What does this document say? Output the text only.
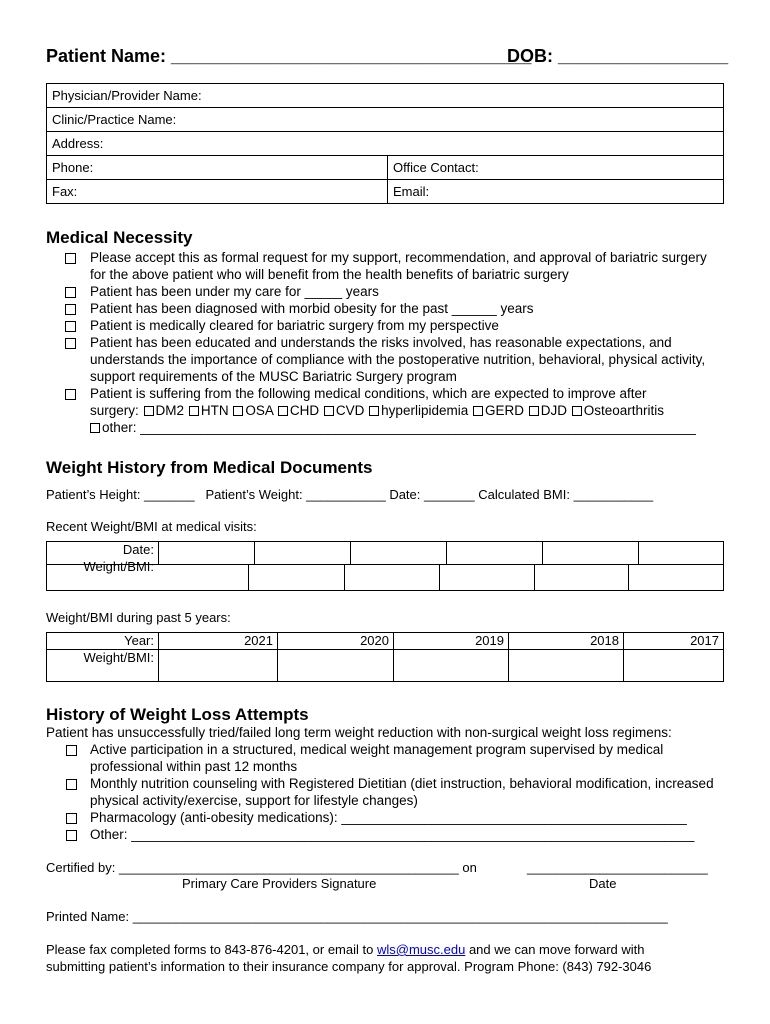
Patient Name: ____________________________________
DOB: _________________
Physician/Provider Name:	
Clinic/Practice Name:	
Address:	
Phone:	Office Contact:
Fax:	Email:
Medical Necessity
Please accept this as formal request for my support, recommendation, and approval of bariatric surgery for the above patient who will benefit from the health benefits of bariatric surgery
Patient has been under my care for _____ years
Patient has been diagnosed with morbid obesity for the past ______ years
Patient is medically cleared for bariatric surgery from my perspective
Patient has been educated and understands the risks involved, has reasonable expectations, and understands the importance of compliance with the postoperative nutrition, behavioral, physical activity, support requirements of the MUSC Bariatric Surgery program
Patient is suffering from the following medical conditions, which are expected to improve after
surgery: DM2 HTN OSA CHD CVD hyperlipidemia GERD DJD Osteoarthritis
other: __________________________________________________________________________
Weight History from Medical Documents
Patient’s Height: _______   Patient’s Weight: ___________ Date: _______ Calculated BMI: ___________
Recent Weight/BMI at medical visits:
Date:						
Weight/BMI:
Weight/BMI during past 5 years:
Year:	2021	2020	2019	2018	2017
Weight/BMI:					
History of Weight Loss Attempts
Patient has unsuccessfully tried/failed long term weight reduction with non-surgical weight loss regimens:
Active participation in a structured, medical weight management program supervised by medical professional within past 12 months
Monthly nutrition counseling with Registered Dietitian (diet instruction, behavioral modification, increased physical activity/exercise, support for lifestyle changes)
Pharmacology (anti-obesity medications): ______________________________________________
Other: ___________________________________________________________________________
Certified by: _______________________________________________ on	_________________________
Primary Care Providers Signature	Date
Printed Name: __________________________________________________________________________
Please fax completed forms to 843-876-4201, or email to wls@musc.edu and we can move forward with
submitting patient’s information to their insurance company for approval. Program Phone: (843) 792-3046
